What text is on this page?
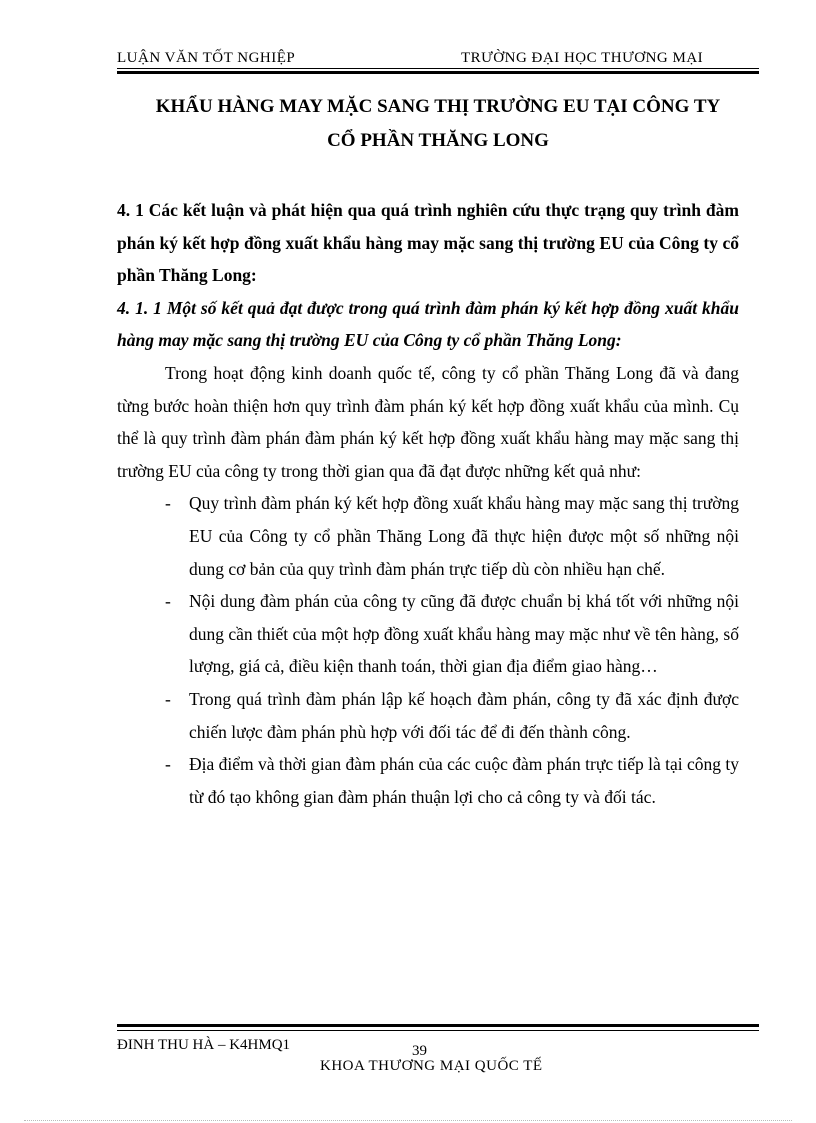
LUẬN VĂN TỐT NGHIỆP	TRƯỜNG ĐẠI HỌC THƯƠNG MẠI
KHẨU HÀNG MAY MẶC SANG THỊ TRƯỜNG EU TẠI CÔNG TY
CỔ PHẦN THĂNG LONG

4. 1 Các kết luận và phát hiện qua quá trình nghiên cứu thực trạng quy trình đàm phán ký kết hợp đồng xuất khẩu hàng may mặc sang thị trường EU của Công ty cổ phần Thăng Long:

4. 1. 1 Một số kết quả đạt được trong quá trình đàm phán ký kết hợp đồng xuất khẩu hàng may mặc sang thị trường EU của Công ty cổ phần Thăng Long:

Trong hoạt động kinh doanh quốc tế, công ty cổ phần Thăng Long đã và đang từng bước hoàn thiện hơn quy trình đàm phán ký kết hợp đồng xuất khẩu của mình. Cụ thể là quy trình đàm phán đàm phán ký kết hợp đồng xuất khẩu hàng may mặc sang thị trường EU của công ty trong thời gian qua đã đạt được những kết quả như:

- Quy trình đàm phán ký kết hợp đồng xuất khẩu hàng may mặc sang thị trường EU của Công ty cổ phần Thăng Long đã thực hiện được một số những nội dung cơ bản của quy trình đàm phán trực tiếp dù còn nhiều hạn chế.
- Nội dung đàm phán của công ty cũng đã được chuẩn bị khá tốt với những nội dung cần thiết của một hợp đồng xuất khẩu hàng may mặc như về tên hàng, số lượng, giá cả, điều kiện thanh toán, thời gian địa điểm giao hàng…
- Trong quá trình đàm phán lập kế hoạch đàm phán, công ty đã xác định được chiến lược đàm phán phù hợp với đối tác để đi đến thành công.
- Địa điểm và thời gian đàm phán của các cuộc đàm phán trực tiếp là tại công ty từ đó tạo không gian đàm phán thuận lợi cho cả công ty và đối tác.
ĐINH THU HÀ – K4HMQ1	39
KHOA THƯƠNG MẠI QUỐC TẾ
